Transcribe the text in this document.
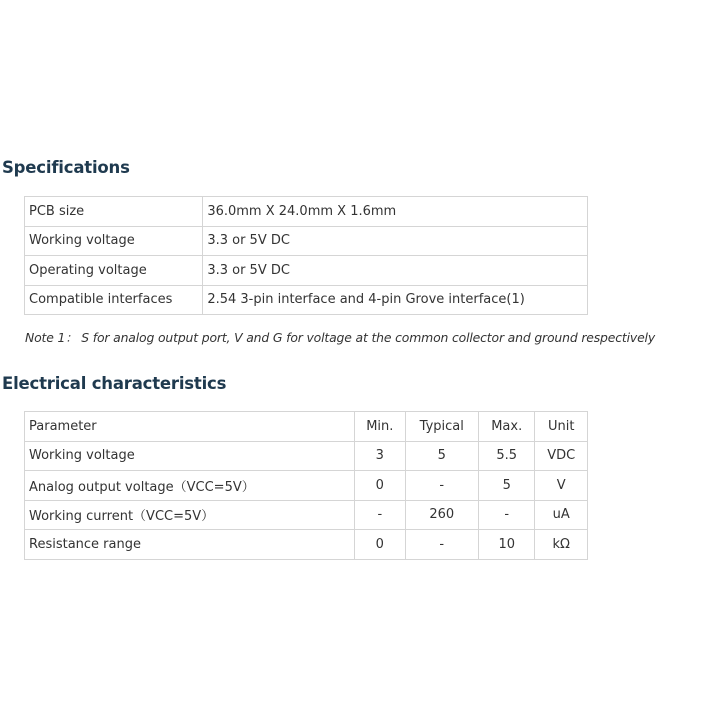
Specifications
PCB size	36.0mm X 24.0mm X 1.6mm
Working voltage	3.3 or 5V DC
Operating voltage	3.3 or 5V DC
Compatible interfaces	2.54 3-pin interface and 4-pin Grove interface(1)

Note 1： S for analog output port, V and G for voltage at the common collector and ground respectively

Electrical characteristics
Parameter	Min.	Typical	Max.	Unit
Working voltage	3	5	5.5	VDC
Analog output voltage（VCC=5V）	0	-	5	V
Working current（VCC=5V）	-	260	-	uA
Resistance range	0	-	10	kΩ
